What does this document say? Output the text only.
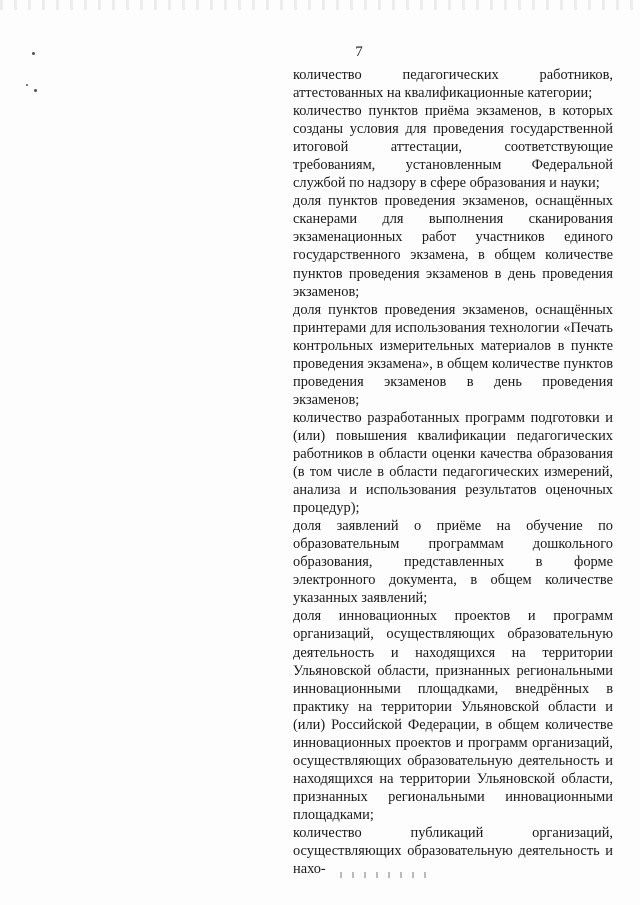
7

количество педагогических работников, аттестованных на квалификационные категории;

количество пунктов приёма экзаменов, в которых созданы условия для проведения государственной итоговой аттестации, соответствующие требованиям, установленным Федеральной службой по надзору в сфере образования и науки;

доля пунктов проведения экзаменов, оснащённых сканерами для выполнения сканирования экзаменационных работ участников единого государственного экзамена, в общем количестве пунктов проведения экзаменов в день проведения экзаменов;

доля пунктов проведения экзаменов, оснащённых принтерами для использования технологии «Печать контрольных измерительных материалов в пункте проведения экзамена», в общем количестве пунктов проведения экзаменов в день проведения экзаменов;

количество разработанных программ подготовки и (или) повышения квалификации педагогических работников в области оценки качества образования (в том числе в области педагогических измерений, анализа и использования результатов оценочных процедур);

доля заявлений о приёме на обучение по образовательным программам дошкольного образования, представленных в форме электронного документа, в общем количестве указанных заявлений;

доля инновационных проектов и программ организаций, осуществляющих образовательную деятельность и находящихся на территории Ульяновской области, признанных региональными инновационными площадками, внедрённых в практику на территории Ульяновской области и (или) Российской Федерации, в общем количестве инновационных проектов и программ организаций, осуществляющих образовательную деятельность и находящихся на территории Ульяновской области, признанных региональными инновационными площадками;

количество публикаций организаций, осуществляющих образовательную деятельность и нахо-
